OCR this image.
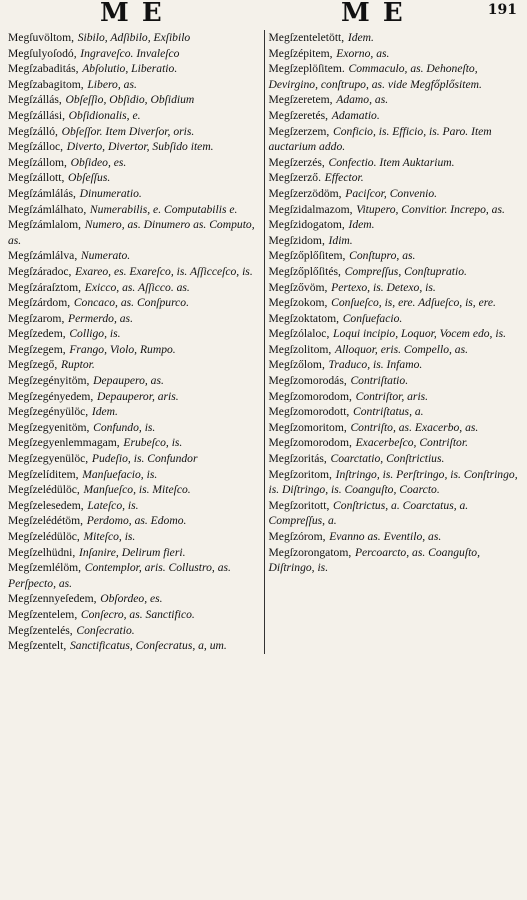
M E	M E	191

Megſuvöltom, Sibilo, Adſibilo, Exſibilo

Megſulyoſodó, Ingraveſco. Invaleſco

Megſzabaditás, Abſolutio, Liberatio.

Megſzabagitom, Libero, as.

Megſzállás, Obſeſſio, Obſidio, Obſidium

Megſzállási, Obſidionalis, e.

Megſzálló, Obſeſſor. Item Diverſor, oris.

Megſzálloc, Diverto, Divertor, Subſido item.

Megſzállom, Obſideo, es.

Megſzállott, Obſeſſus.

Megſzámlálás, Dinumeratio.

Megſzámlálhato, Numerabilis, e. Computabilis e.

Megſzámlalom, Numero, as. Dinumero as. Computo, as.

Megſzámlálva, Numerato.

Megſzáradoc, Exareo, es. Exareſco, is. Aſſicceſco, is.

Megſzáraſztom, Exicco, as. Aſſicco. as.

Megſzárdom, Concaco, as. Conſpurco.

Megſzarom, Permerdo, as.

Megſzedem, Colligo, is.

Megſzegem, Frango, Violo, Rumpo.

Megſzegő, Ruptor.

Megſzegényitöm, Depaupero, as.

Megſzegényedem, Depauperor, aris.

Megſzegényülöc, Idem.

Megſzegyenitöm, Confundo, is.

Megſzegyenlemmagam, Erubeſco, is.

Megſzegyenülöc, Pudeſio, is. Confundor

Megſzelíditem, Manſuefacio, is.

Megſzelédülöc, Manſueſco, is. Miteſco.

Megſzelesedem, Lateſco, is.

Megſzelédétöm, Perdomo, as. Edomo.

Megſzelédülöc, Miteſco, is.

Megſzelhüdni, Inſanire, Delirum fieri.

Megſzemlélöm, Contemplor, aris. Collustro, as. Perſpecto, as.

Megſzennyeſedem, Obſordeo, es.

Megſzentelem, Conſecro, as. Sanctifico.

Megſzentelés, Conſecratio.

Megſzentelt, Sanctificatus, Conſecratus, a, um.

Megſzenteletött, Idem.

Megſzépitem, Exorno, as.

Megſzeplöſitem. Commaculo, as. Dehoneſto, Devirgino, conſtrupo, as. vide Megfőplősitem.

Megſzeretem, Adamo, as.

Megſzeretés, Adamatio.

Megſzerzem, Conficio, is. Efficio, is. Paro. Item auctarium addo.

Megſzerzés, Confectio. Item Auktarium.

Megſzerző. Effector.

Megſzerzödöm, Paciſcor, Convenio.

Megſzidalmazom, Vitupero, Convitior. Increpo, as.

Megſzidogatom, Idem.

Megſzidom, Idim.

Megſzőplőſitem, Conſtupro, as.

Megſzőplőſités, Compreſſus, Conſtupratio.

Megſzővöm, Pertexo, is. Detexo, is.

Megſzokom, Conſueſco, is, ere. Adſueſco, is, ere.

Megſzoktatom, Conſuefacio.

Megſzólaloc, Loqui incipio, Loquor, Vocem edo, is.

Megſzolitom, Alloquor, eris. Compello, as.

Megſzőlom, Traduco, is. Infamo.

Megſzomorodás, Contriſtatio.

Megſzomorodom, Contriſtor, aris.

Megſzomorodott, Contriſtatus, a.

Megſzomoritom, Contriſto, as. Exacerbo, as.

Megſzomorodom, Exacerbeſco, Contriſtor.

Megſzoritás, Coarctatio, Conſtrictius.

Megſzoritom, Inſtringo, is. Perſtringo, is. Conſtringo, is. Diſtringo, is. Coanguſto, Coarcto.

Megſzoritott, Conſtrictus, a. Coarctatus, a. Compreſſus, a.

Megſzórom, Evanno as. Eventilo, as.

Megſzorongatom, Percoarcto, as. Coanguſto, Diſtringo, is.
